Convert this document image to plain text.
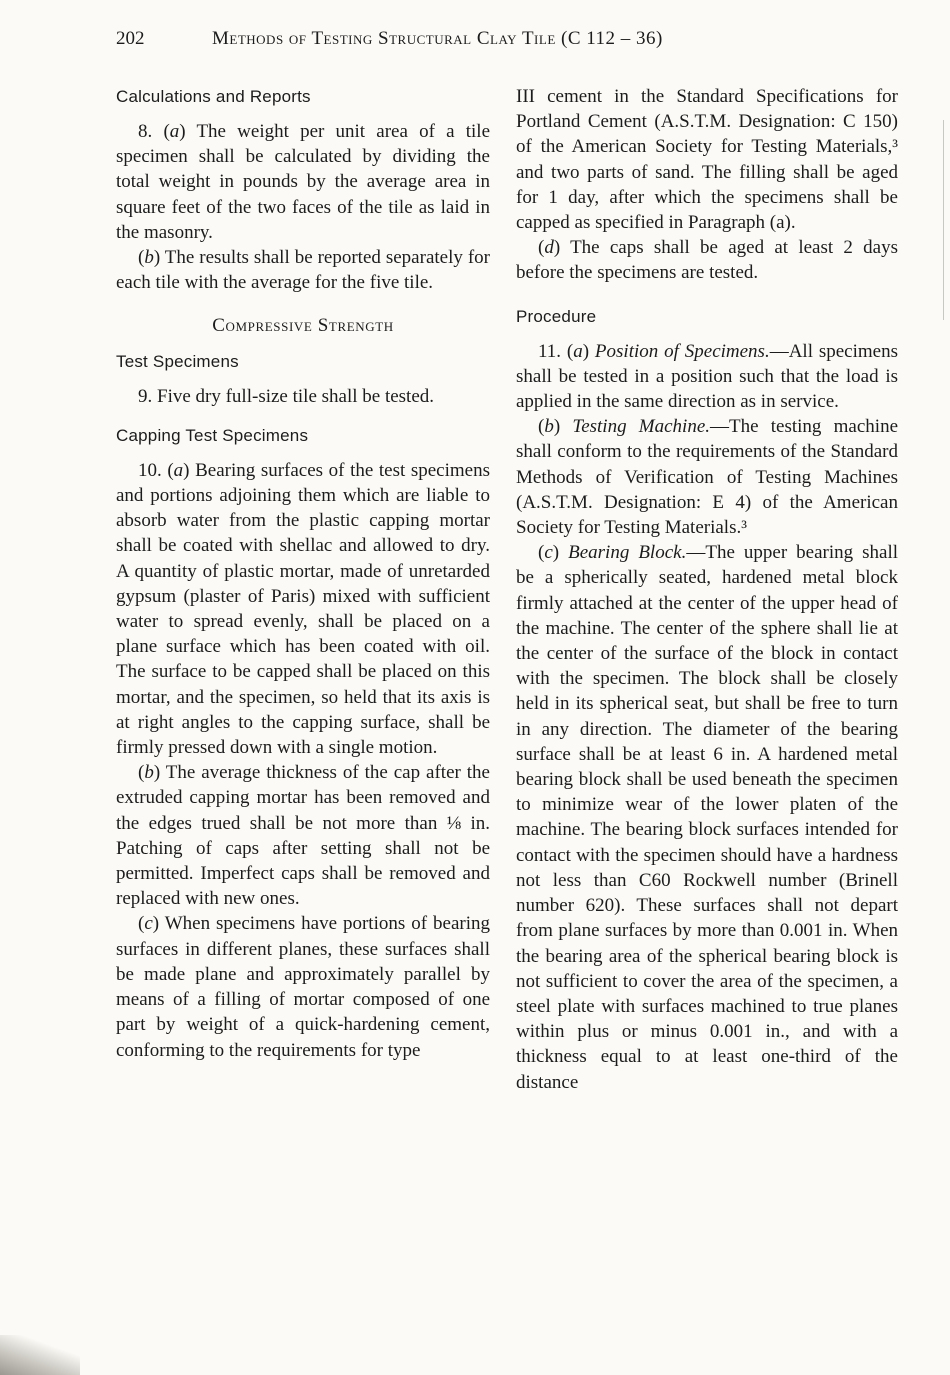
202	Methods of Testing Structural Clay Tile (C 112 – 36)
Calculations and Reports

8. (a) The weight per unit area of a tile specimen shall be calculated by dividing the total weight in pounds by the average area in square feet of the two faces of the tile as laid in the masonry.

(b) The results shall be reported separately for each tile with the average for the five tile.

Compressive Strength

Test Specimens

9. Five dry full-size tile shall be tested.

Capping Test Specimens

10. (a) Bearing surfaces of the test specimens and portions adjoining them which are liable to absorb water from the plastic capping mortar shall be coated with shellac and allowed to dry. A quantity of plastic mortar, made of unretarded gypsum (plaster of Paris) mixed with sufficient water to spread evenly, shall be placed on a plane surface which has been coated with oil. The surface to be capped shall be placed on this mortar, and the specimen, so held that its axis is at right angles to the capping surface, shall be firmly pressed down with a single motion.

(b) The average thickness of the cap after the extruded capping mortar has been removed and the edges trued shall be not more than ⅛ in. Patching of caps after setting shall not be permitted. Imperfect caps shall be removed and replaced with new ones.

(c) When specimens have portions of bearing surfaces in different planes, these surfaces shall be made plane and approximately parallel by means of a filling of mortar composed of one part by weight of a quick-hardening cement, conforming to the requirements for type

III cement in the Standard Specifications for Portland Cement (A.S.T.M. Designation: C 150) of the American Society for Testing Materials,³ and two parts of sand. The filling shall be aged for 1 day, after which the specimens shall be capped as specified in Paragraph (a).

(d) The caps shall be aged at least 2 days before the specimens are tested.

Procedure

11. (a) Position of Specimens.—All specimens shall be tested in a position such that the load is applied in the same direction as in service.

(b) Testing Machine.—The testing machine shall conform to the requirements of the Standard Methods of Verification of Testing Machines (A.S.T.M. Designation: E 4) of the American Society for Testing Materials.³

(c) Bearing Block.—The upper bearing shall be a spherically seated, hardened metal block firmly attached at the center of the upper head of the machine. The center of the sphere shall lie at the center of the surface of the block in contact with the specimen. The block shall be closely held in its spherical seat, but shall be free to turn in any direction. The diameter of the bearing surface shall be at least 6 in. A hardened metal bearing block shall be used beneath the specimen to minimize wear of the lower platen of the machine. The bearing block surfaces intended for contact with the specimen should have a hardness not less than C60 Rockwell number (Brinell number 620). These surfaces shall not depart from plane surfaces by more than 0.001 in. When the bearing area of the spherical bearing block is not sufficient to cover the area of the specimen, a steel plate with surfaces machined to true planes within plus or minus 0.001 in., and with a thickness equal to at least one-third of the distance
